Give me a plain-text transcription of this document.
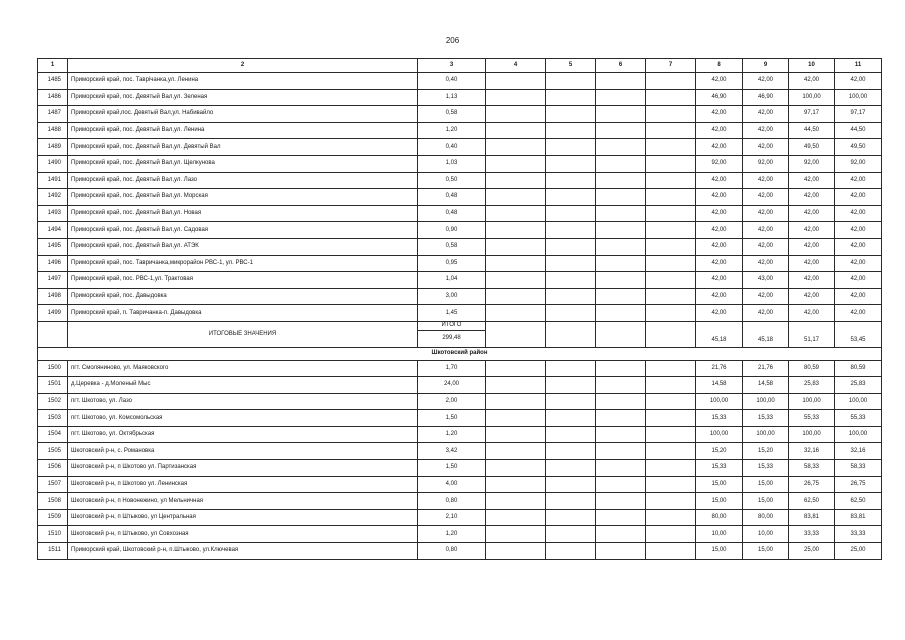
206
1	2	3	4	5	6	7	8	9	10	11
1485	Приморский край, пос. Таврічанка,ул. Ленина	0,40					42,00	42,00	42,00	42,00
1486	Приморский край, пос. Девятый Вал,ул. Зеленая	1,13					46,90	46,90	100,00	100,00
1487	Приморский край,пос. Девятый Вал,ул. Набивайло	0,58					42,00	42,00	97,17	97,17
1488	Приморский край, пос. Девятый Вал,ул. Ленина	1,20					42,00	42,00	44,50	44,50
1489	Приморский край, пос. Девятый Вал,ул. Девятый Вал	0,40					42,00	42,00	49,50	49,50
1490	Приморский край, пос. Девятый Вал,ул. Щелкунова	1,03					92,00	92,00	92,00	92,00
1491	Приморский край, пос. Девятый Вал,ул. Лазо	0,50					42,00	42,00	42,00	42,00
1492	Приморский край, пос. Девятый Вал,ул. Морская	0,48					42,00	42,00	42,00	42,00
1493	Приморский край, пос. Девятый Вал,ул. Новая	0,48					42,00	42,00	42,00	42,00
1494	Приморский край, пос. Девятый Вал,ул. Садовая	0,90					42,00	42,00	42,00	42,00
1495	Приморский край, пос. Девятый Вал,ул. АТЭК	0,58					42,00	42,00	42,00	42,00
1496	Приморский край, пос. Тавричанка,микрорайон РВС-1, ул. РВС-1	0,95					42,00	42,00	42,00	42,00
1497	Приморский край, пос. РВС-1,ул. Трактовая	1,04					42,00	43,00	42,00	42,00
1498	Приморский край, пос. Давыдовка	3,00					42,00	42,00	42,00	42,00
1499	Приморский край, п. Тавричанка-п. Давыдовка	1,45					42,00	42,00	42,00	42,00
	ИТОГОВЫЕ ЗНАЧЕНИЯ	ИТОГО					45,18	45,18	51,17	53,45
		299,48								
Шкотовский район										
1500	пгт. Смоляниново, ул. Маяковского	1,70					21,76	21,76	80,59	80,59
1501	д.Церевка - д.Моленый Мыс	24,00					14,58	14,58	25,83	25,83
1502	пгт. Шкотово, ул. Лазо	2,00					100,00	100,00	100,00	100,00
1503	пгт. Шкотово, ул. Комсомольская	1,50					15,33	15,33	55,33	55,33
1504	пгт. Шкотово, ул. Октябрьская	1,20					100,00	100,00	100,00	100,00
1505	Шкотовский р-н, с. Романовка	3,42					15,20	15,20	32,16	32,16
1506	Шкотовский р-н, п Шкотово ул. Партизанская	1,50					15,33	15,33	58,33	58,33
1507	Шкотовский р-н, п Шкотово ул. Ленинская	4,00					15,00	15,00	26,75	26,75
1508	Шкотовский р-н, п Новонежино, ул Мельничная	0,80					15,00	15,00	62,50	62,50
1509	Шкотовский р-н, п Штыково, ул Центральная	2,10					80,00	80,00	83,81	83,81
1510	Шкотовский р-н, п Штыково, ул Совхозная	1,20					10,00	10,00	33,33	33,33
1511	Приморский край, Шкотовский р-н, п.Штыково, ул.Ключевая	0,80					15,00	15,00	25,00	25,00
